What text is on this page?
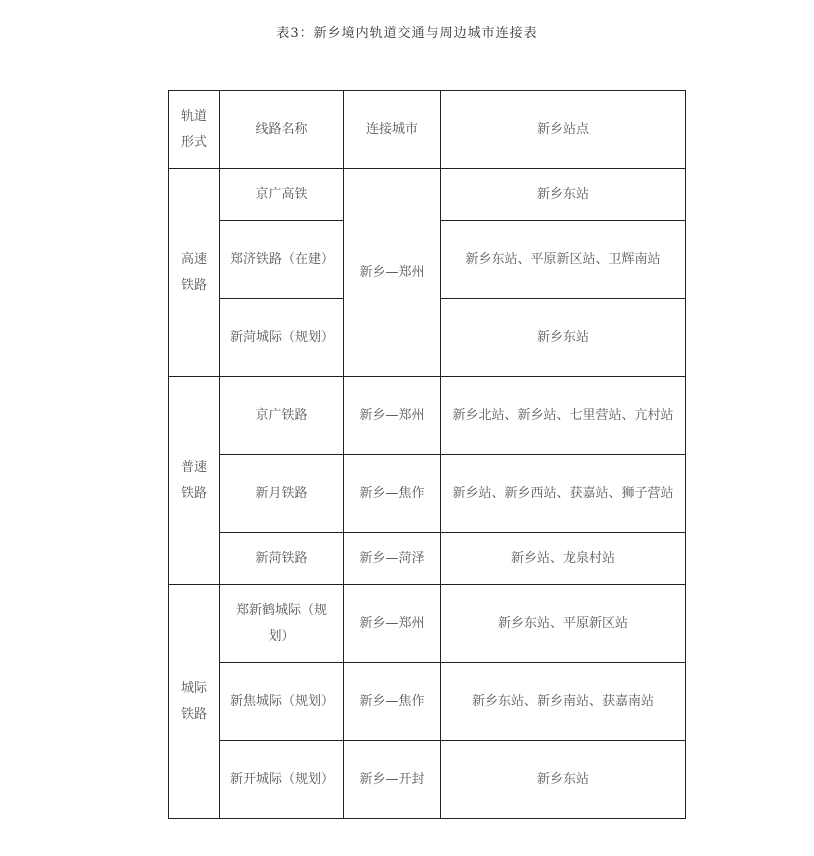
表3：新乡境内轨道交通与周边城市连接表
轨道形式	线路名称	连接城市	新乡站点
高速铁路	京广高铁	新乡—郑州	新乡东站
	郑济铁路（在建）		新乡东站、平原新区站、卫辉南站
	新菏城际（规划）		新乡东站
普速铁路	京广铁路	新乡—郑州	新乡北站、新乡站、七里营站、亢村站
	新月铁路	新乡—焦作	新乡站、新乡西站、获嘉站、狮子营站
	新菏铁路	新乡—菏泽	新乡站、龙泉村站
城际铁路	郑新鹤城际（规划）	新乡—郑州	新乡东站、平原新区站
	新焦城际（规划）	新乡—焦作	新乡东站、新乡南站、获嘉南站
	新开城际（规划）	新乡—开封	新乡东站
